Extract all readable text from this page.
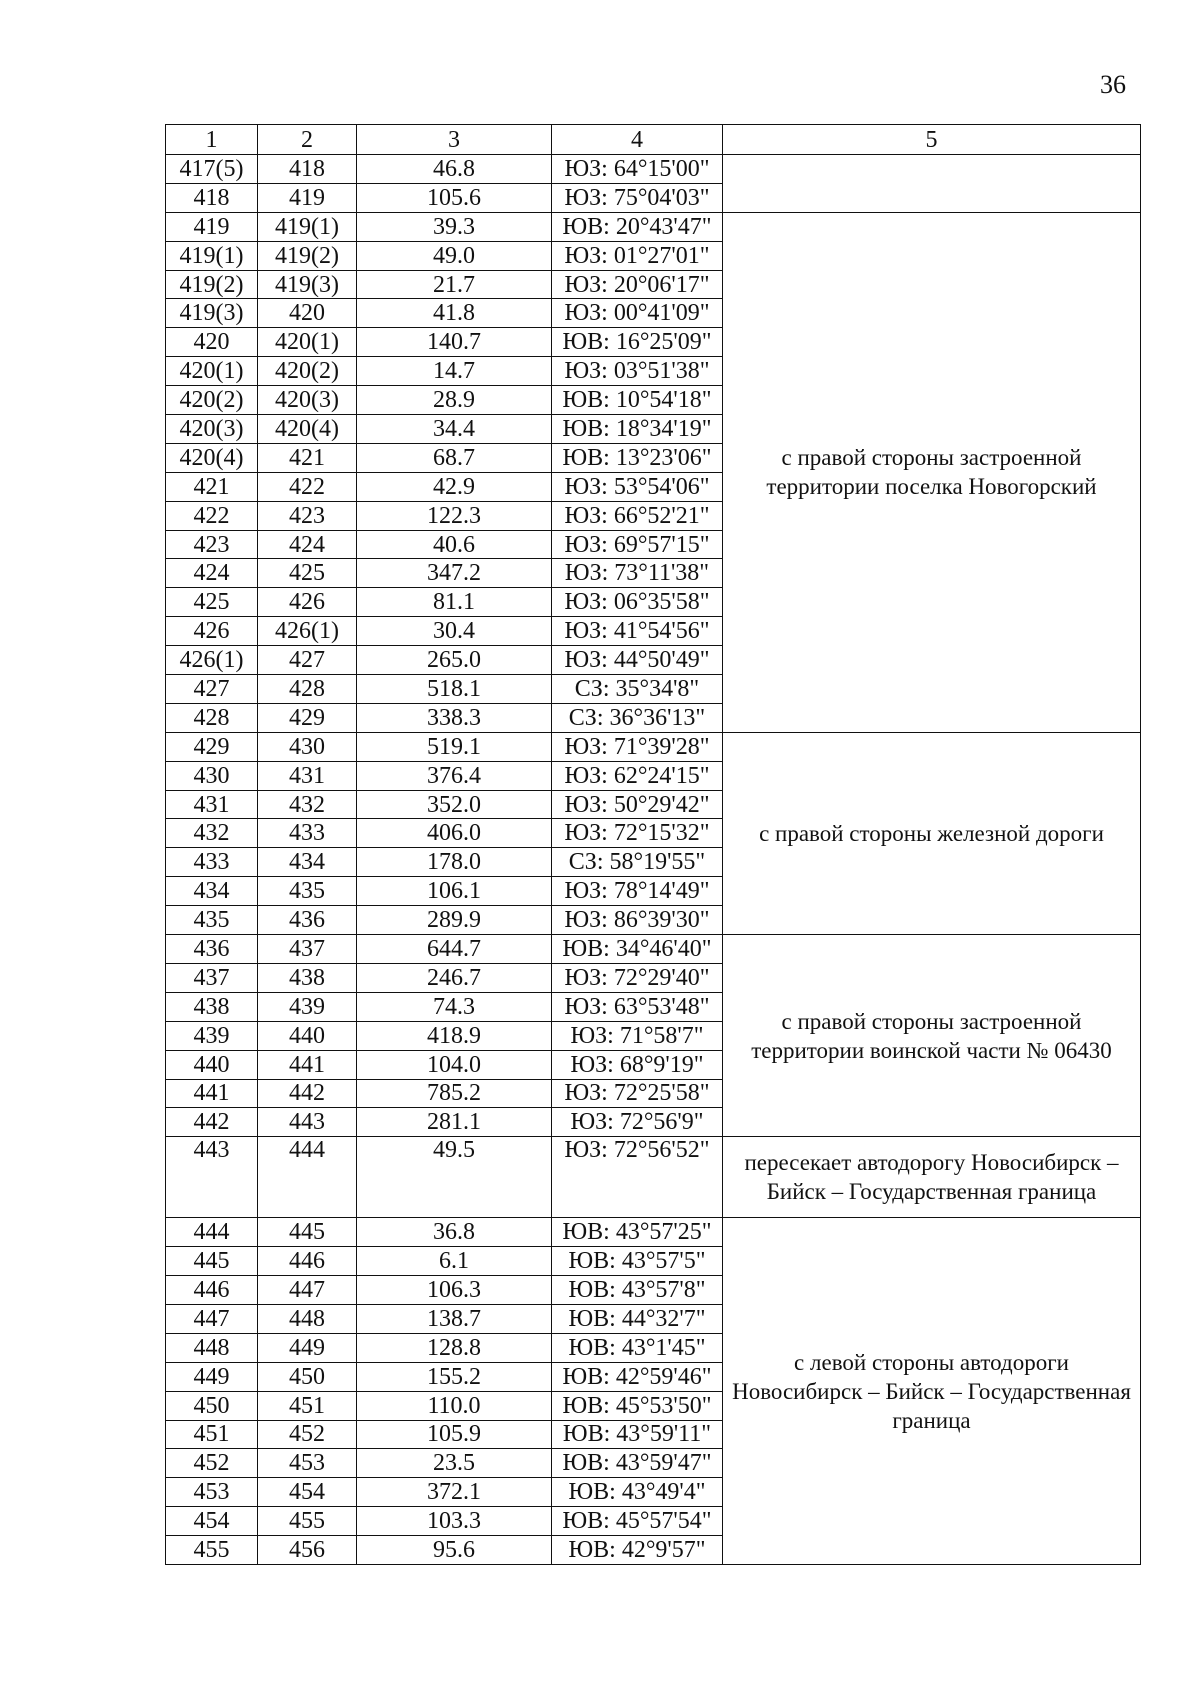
36
1	2	3	4	5
417(5)	418	46.8	ЮЗ: 64°15'00"	
418	419	105.6	ЮЗ: 75°04'03"	
419	419(1)	39.3	ЮВ: 20°43'47"	с правой стороны застроенной территории поселка Новогорский
419(1)	419(2)	49.0	ЮЗ: 01°27'01"	
419(2)	419(3)	21.7	ЮЗ: 20°06'17"	
419(3)	420	41.8	ЮЗ: 00°41'09"	
420	420(1)	140.7	ЮВ: 16°25'09"	
420(1)	420(2)	14.7	ЮЗ: 03°51'38"	
420(2)	420(3)	28.9	ЮВ: 10°54'18"	
420(3)	420(4)	34.4	ЮВ: 18°34'19"	
420(4)	421	68.7	ЮВ: 13°23'06"	
421	422	42.9	ЮЗ: 53°54'06"	
422	423	122.3	ЮЗ: 66°52'21"	
423	424	40.6	ЮЗ: 69°57'15"	
424	425	347.2	ЮЗ: 73°11'38"	
425	426	81.1	ЮЗ: 06°35'58"	
426	426(1)	30.4	ЮЗ: 41°54'56"	
426(1)	427	265.0	ЮЗ: 44°50'49"	
427	428	518.1	СЗ: 35°34'8"	
428	429	338.3	СЗ: 36°36'13"	
429	430	519.1	ЮЗ: 71°39'28"	с правой стороны железной дороги
430	431	376.4	ЮЗ: 62°24'15"	
431	432	352.0	ЮЗ: 50°29'42"	
432	433	406.0	ЮЗ: 72°15'32"	
433	434	178.0	СЗ: 58°19'55"	
434	435	106.1	ЮЗ: 78°14'49"	
435	436	289.9	ЮЗ: 86°39'30"	
436	437	644.7	ЮВ: 34°46'40"	с правой стороны застроенной территории воинской части № 06430
437	438	246.7	ЮЗ: 72°29'40"	
438	439	74.3	ЮЗ: 63°53'48"	
439	440	418.9	ЮЗ: 71°58'7"	
440	441	104.0	ЮЗ: 68°9'19"	
441	442	785.2	ЮЗ: 72°25'58"	
442	443	281.1	ЮЗ: 72°56'9"	
443	444	49.5	ЮЗ: 72°56'52"	пересекает автодорогу Новосибирск – Бийск – Государственная граница
444	445	36.8	ЮВ: 43°57'25"	с левой стороны автодороги Новосибирск – Бийск – Государственная граница
445	446	6.1	ЮВ: 43°57'5"	
446	447	106.3	ЮВ: 43°57'8"	
447	448	138.7	ЮВ: 44°32'7"	
448	449	128.8	ЮВ: 43°1'45"	
449	450	155.2	ЮВ: 42°59'46"	
450	451	110.0	ЮВ: 45°53'50"	
451	452	105.9	ЮВ: 43°59'11"	
452	453	23.5	ЮВ: 43°59'47"	
453	454	372.1	ЮВ: 43°49'4"	
454	455	103.3	ЮВ: 45°57'54"	
455	456	95.6	ЮВ: 42°9'57"	
